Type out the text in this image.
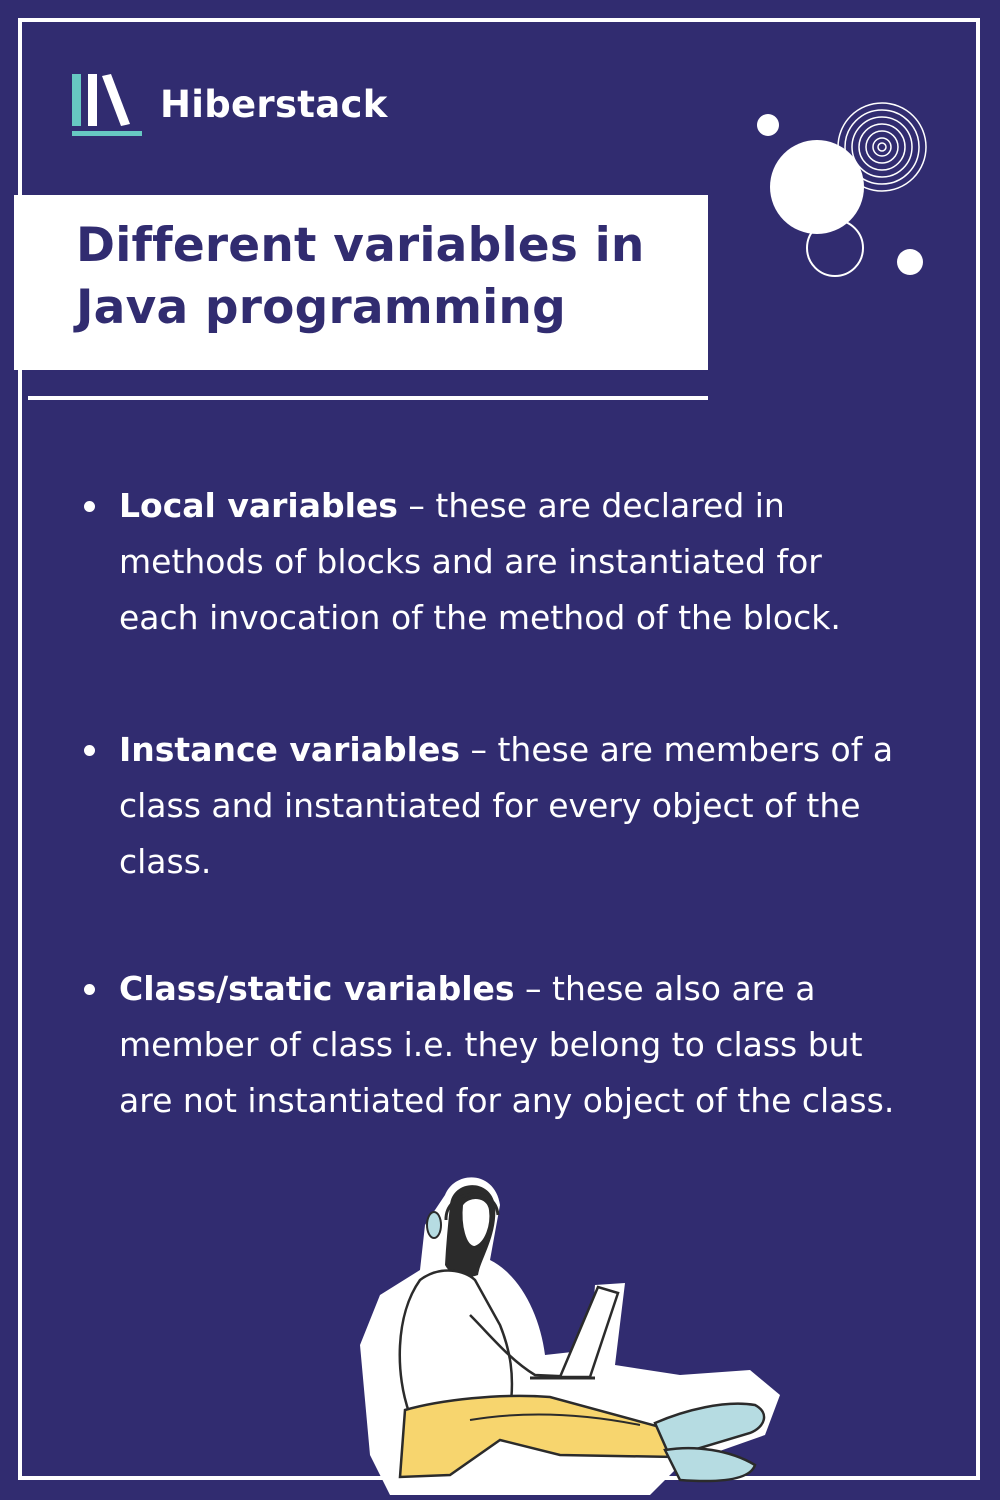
Hiberstack
Different variables in
Java programming

Local variables – these are declared in methods of blocks and are instantiated for each invocation of the method of the block.

Instance variables – these are members of a class and instantiated for every object of the class.

Class/static variables – these also are a member of class i.e. they belong to class but are not instantiated for any object of the class.
